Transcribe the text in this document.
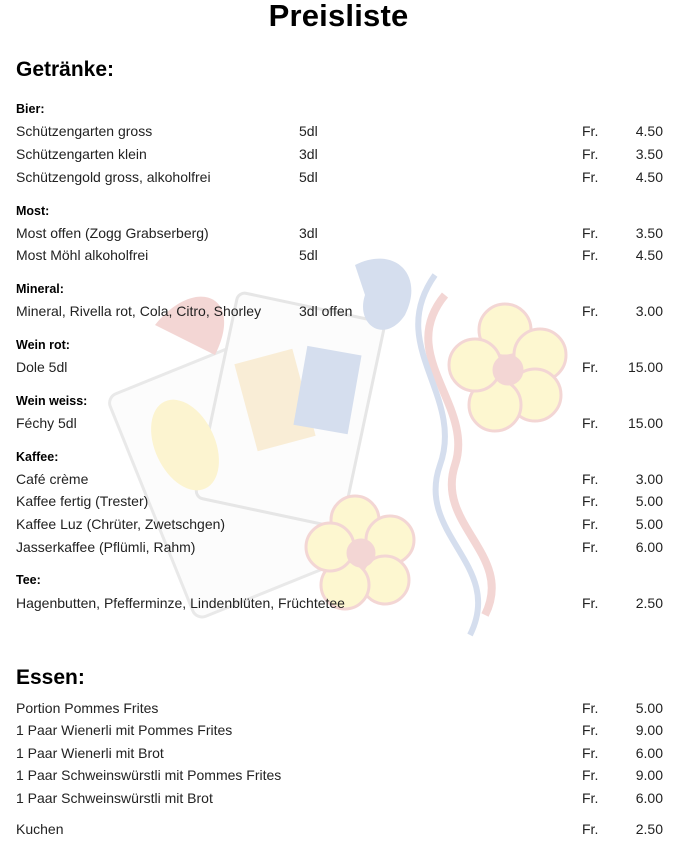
Preisliste
Getränke:
Bier:
Schützengarten gross	5dl	Fr.	4.50
Schützengarten klein	3dl	Fr.	3.50
Schützengold gross, alkoholfrei	5dl	Fr.	4.50
Most:
Most offen (Zogg Grabserberg)	3dl	Fr.	3.50
Most Möhl alkoholfrei	5dl	Fr.	4.50
Mineral:
Mineral, Rivella rot, Cola, Citro, Shorley	3dl offen	Fr.	3.00
Wein rot:
Dole 5dl	Fr. 15.00
Wein weiss:
Féchy 5dl	Fr. 15.00
Kaffee:
Café crème	Fr.	3.00
Kaffee fertig (Trester)	Fr.	5.00
Kaffee Luz (Chrüter, Zwetschgen)	Fr.	5.00
Jasserkaffee (Pflümli, Rahm)	Fr.	6.00
Tee:
Hagenbutten, Pfefferminze, Lindenblüten, Früchtetee	Fr.	2.50
Essen:
Portion Pommes Frites	Fr.	5.00
1 Paar Wienerli mit Pommes Frites	Fr.	9.00
1 Paar Wienerli mit Brot	Fr.	6.00
1 Paar Schweinswürstli mit Pommes Frites	Fr.	9.00
1 Paar Schweinswürstli mit Brot	Fr.	6.00
Kuchen	Fr.	2.50
